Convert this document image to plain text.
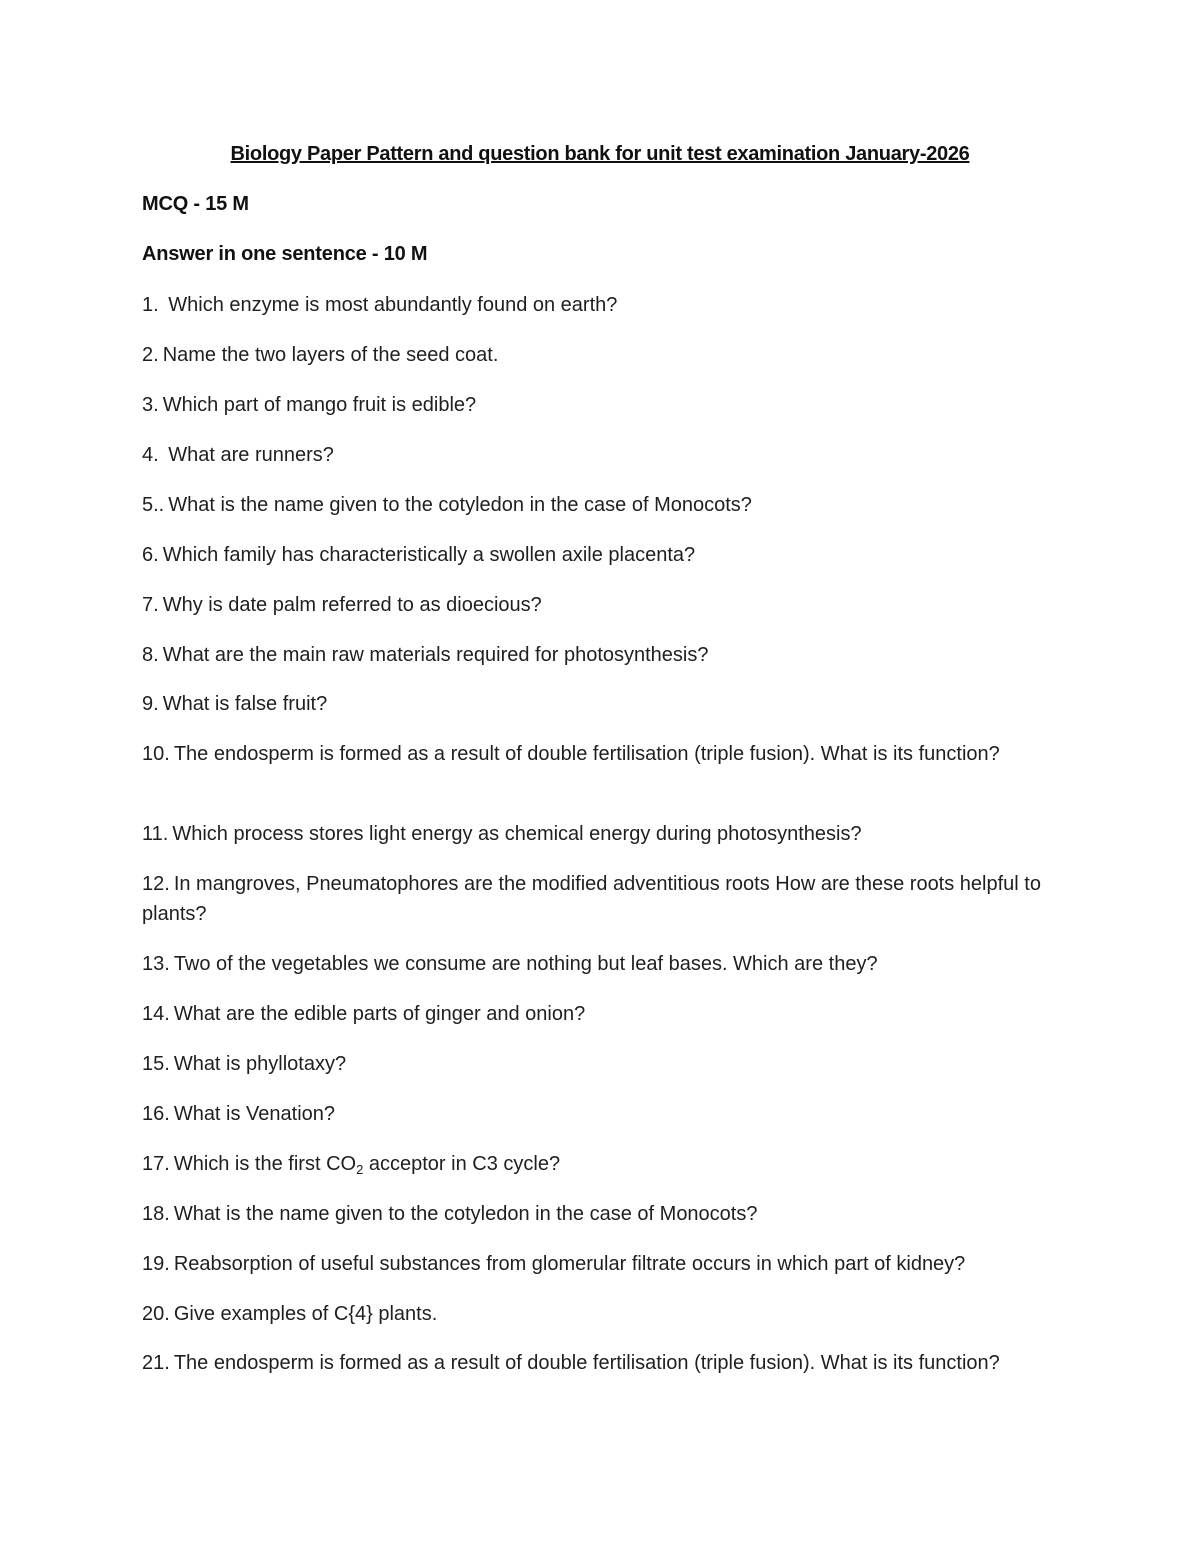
Biology Paper Pattern and question bank for unit test examination January-2026
MCQ - 15 M
Answer in one sentence - 10 M
1. Which enzyme is most abundantly found on earth?
2. Name the two layers of the seed coat.
3. Which part of mango fruit is edible?
4. What are runners?
5.. What is the name given to the cotyledon in the case of Monocots?
6. Which family has characteristically a swollen axile placenta?
7. Why is date palm referred to as dioecious?
8. What are the main raw materials required for photosynthesis?
9. What is false fruit?
10. The endosperm is formed as a result of double fertilisation (triple fusion). What is its function?
11. Which process stores light energy as chemical energy during photosynthesis?
12. In mangroves, Pneumatophores are the modified adventitious roots How are these roots helpful to plants?
13. Two of the vegetables we consume are nothing but leaf bases. Which are they?
14. What are the edible parts of ginger and onion?
15. What is phyllotaxy?
16. What is Venation?
17. Which is the first $CO_2$ acceptor in C3 cycle?
18. What is the name given to the cotyledon in the case of Monocots?
19. Reabsorption of useful substances from glomerular filtrate occurs in which part of kidney?
20. Give examples of C{4} plants.
21. The endosperm is formed as a result of double fertilisation (triple fusion). What is its function?
